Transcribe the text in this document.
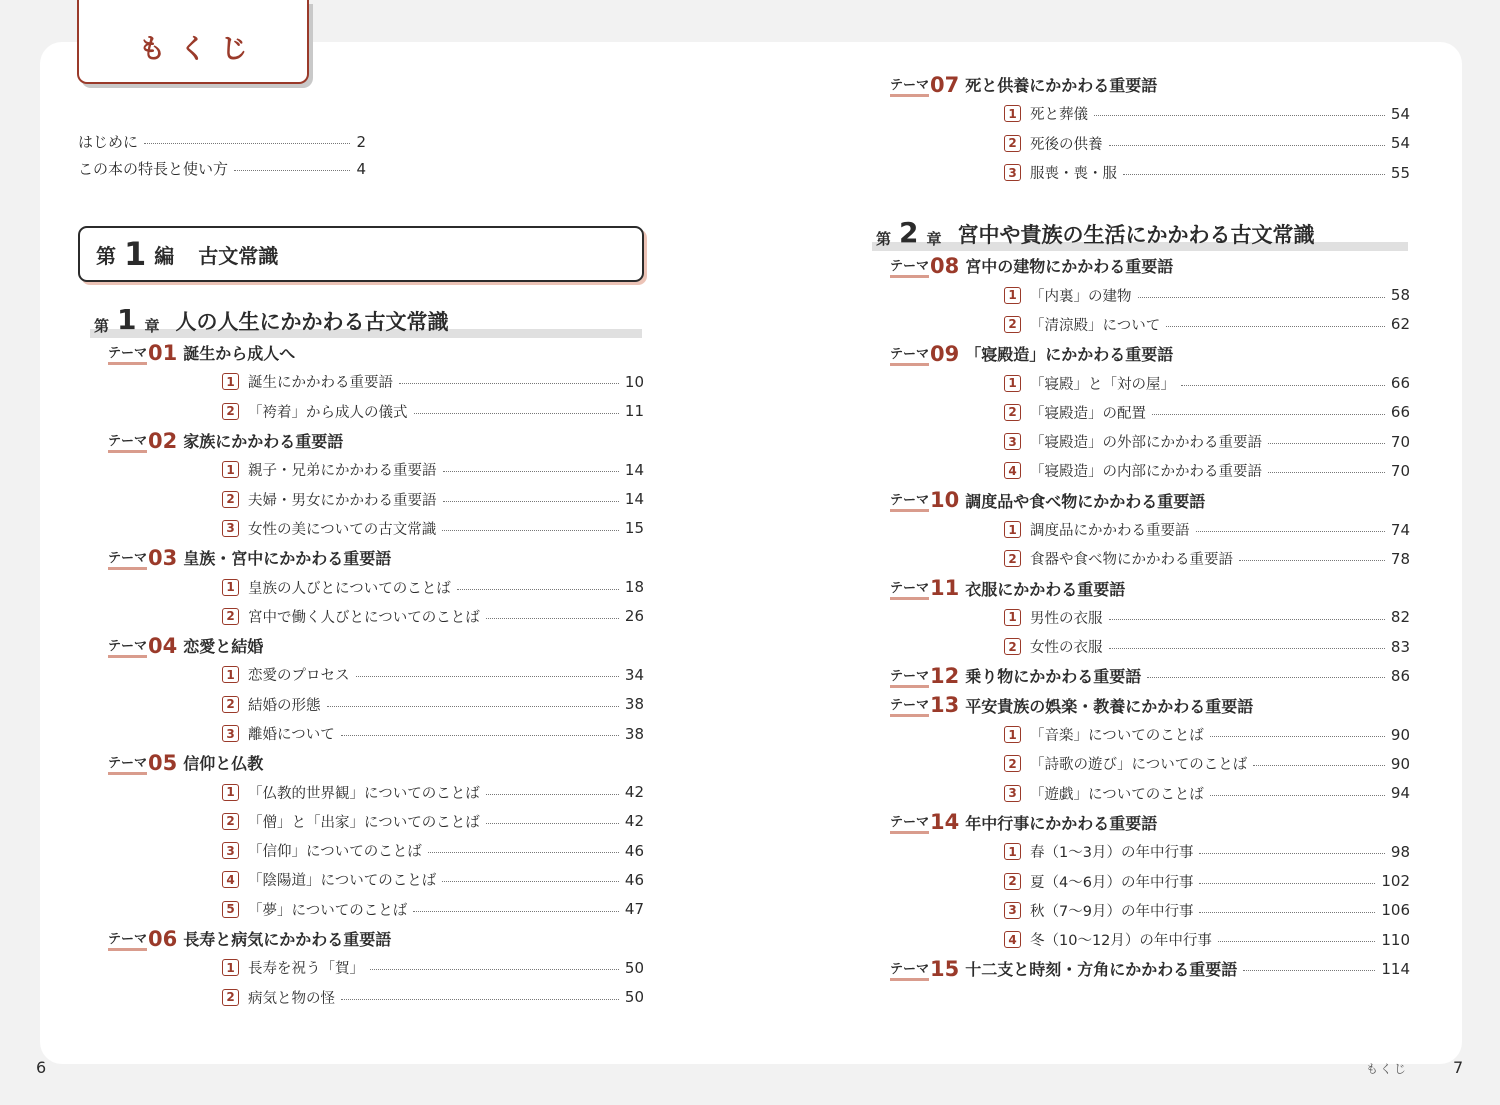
もくじ
はじめに	2
この本の特長と使い方	4
第 1 編 古文常識
第 1 章 人の人生にかかわる古文常識
テーマ 01 誕生から成人へ
1 誕生にかかわる重要語	10
2 「袴着」から成人の儀式	11
テーマ 02 家族にかかわる重要語
1 親子・兄弟にかかわる重要語	14
2 夫婦・男女にかかわる重要語	14
3 女性の美についての古文常識	15
テーマ 03 皇族・宮中にかかわる重要語
1 皇族の人びとについてのことば	18
2 宮中で働く人びとについてのことば	26
テーマ 04 恋愛と結婚
1 恋愛のプロセス	34
2 結婚の形態	38
3 離婚について	38
テーマ 05 信仰と仏教
1 「仏教的世界観」についてのことば	42
2 「僧」と「出家」についてのことば	42
3 「信仰」についてのことば	46
4 「陰陽道」についてのことば	46
5 「夢」についてのことば	47
テーマ 06 長寿と病気にかかわる重要語
1 長寿を祝う「賀」	50
2 病気と物の怪	50
テーマ 07 死と供養にかかわる重要語
1 死と葬儀	54
2 死後の供養	54
3 服喪・喪・服	55
第 2 章 宮中や貴族の生活にかかわる古文常識
テーマ 08 宮中の建物にかかわる重要語
1 「内裏」の建物	58
2 「清涼殿」について	62
テーマ 09 「寝殿造」にかかわる重要語
1 「寝殿」と「対の屋」	66
2 「寝殿造」の配置	66
3 「寝殿造」の外部にかかわる重要語	70
4 「寝殿造」の内部にかかわる重要語	70
テーマ 10 調度品や食べ物にかかわる重要語
1 調度品にかかわる重要語	74
2 食器や食べ物にかかわる重要語	78
テーマ 11 衣服にかかわる重要語
1 男性の衣服	82
2 女性の衣服	83
テーマ 12 乗り物にかかわる重要語	86
テーマ 13 平安貴族の娯楽・教養にかかわる重要語
1 「音楽」についてのことば	90
2 「詩歌の遊び」についてのことば	90
3 「遊戯」についてのことば	94
テーマ 14 年中行事にかかわる重要語
1 春（1～3月）の年中行事	98
2 夏（4～6月）の年中行事	102
3 秋（7～9月）の年中行事	106
4 冬（10～12月）の年中行事	110
テーマ 15 十二支と時刻・方角にかかわる重要語	114
6	もくじ	7
